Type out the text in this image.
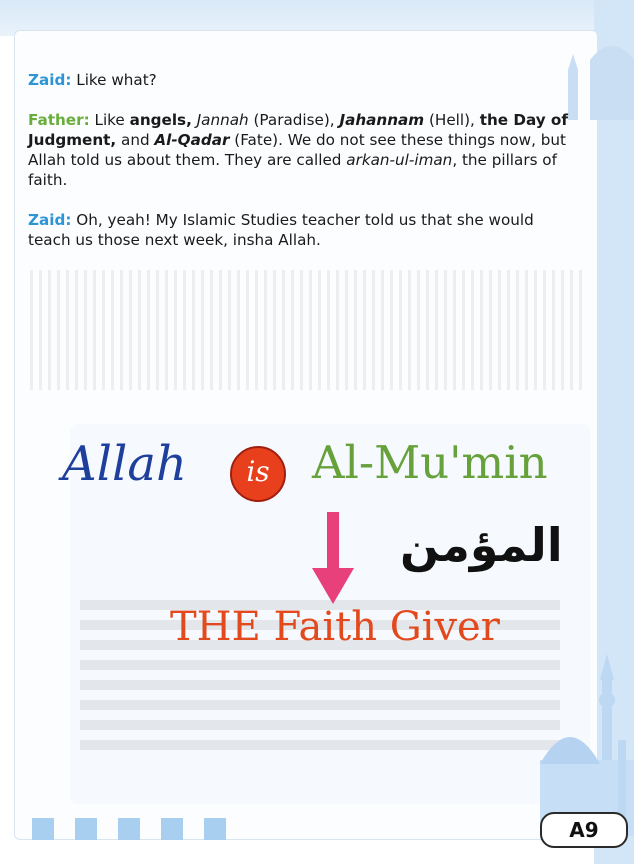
Zaid: Like what?

Father: Like angels, Jannah (Paradise), Jahannam (Hell), the Day of Judgment, and Al-Qadar (Fate). We do not see these things now, but Allah told us about them. They are called arkan-ul-iman, the pillars of faith.

Zaid: Oh, yeah! My Islamic Studies teacher told us that she would teach us those next week, insha Allah.

Allah	is Al-Mu'min
المؤمن
THE Faith Giver
A9
